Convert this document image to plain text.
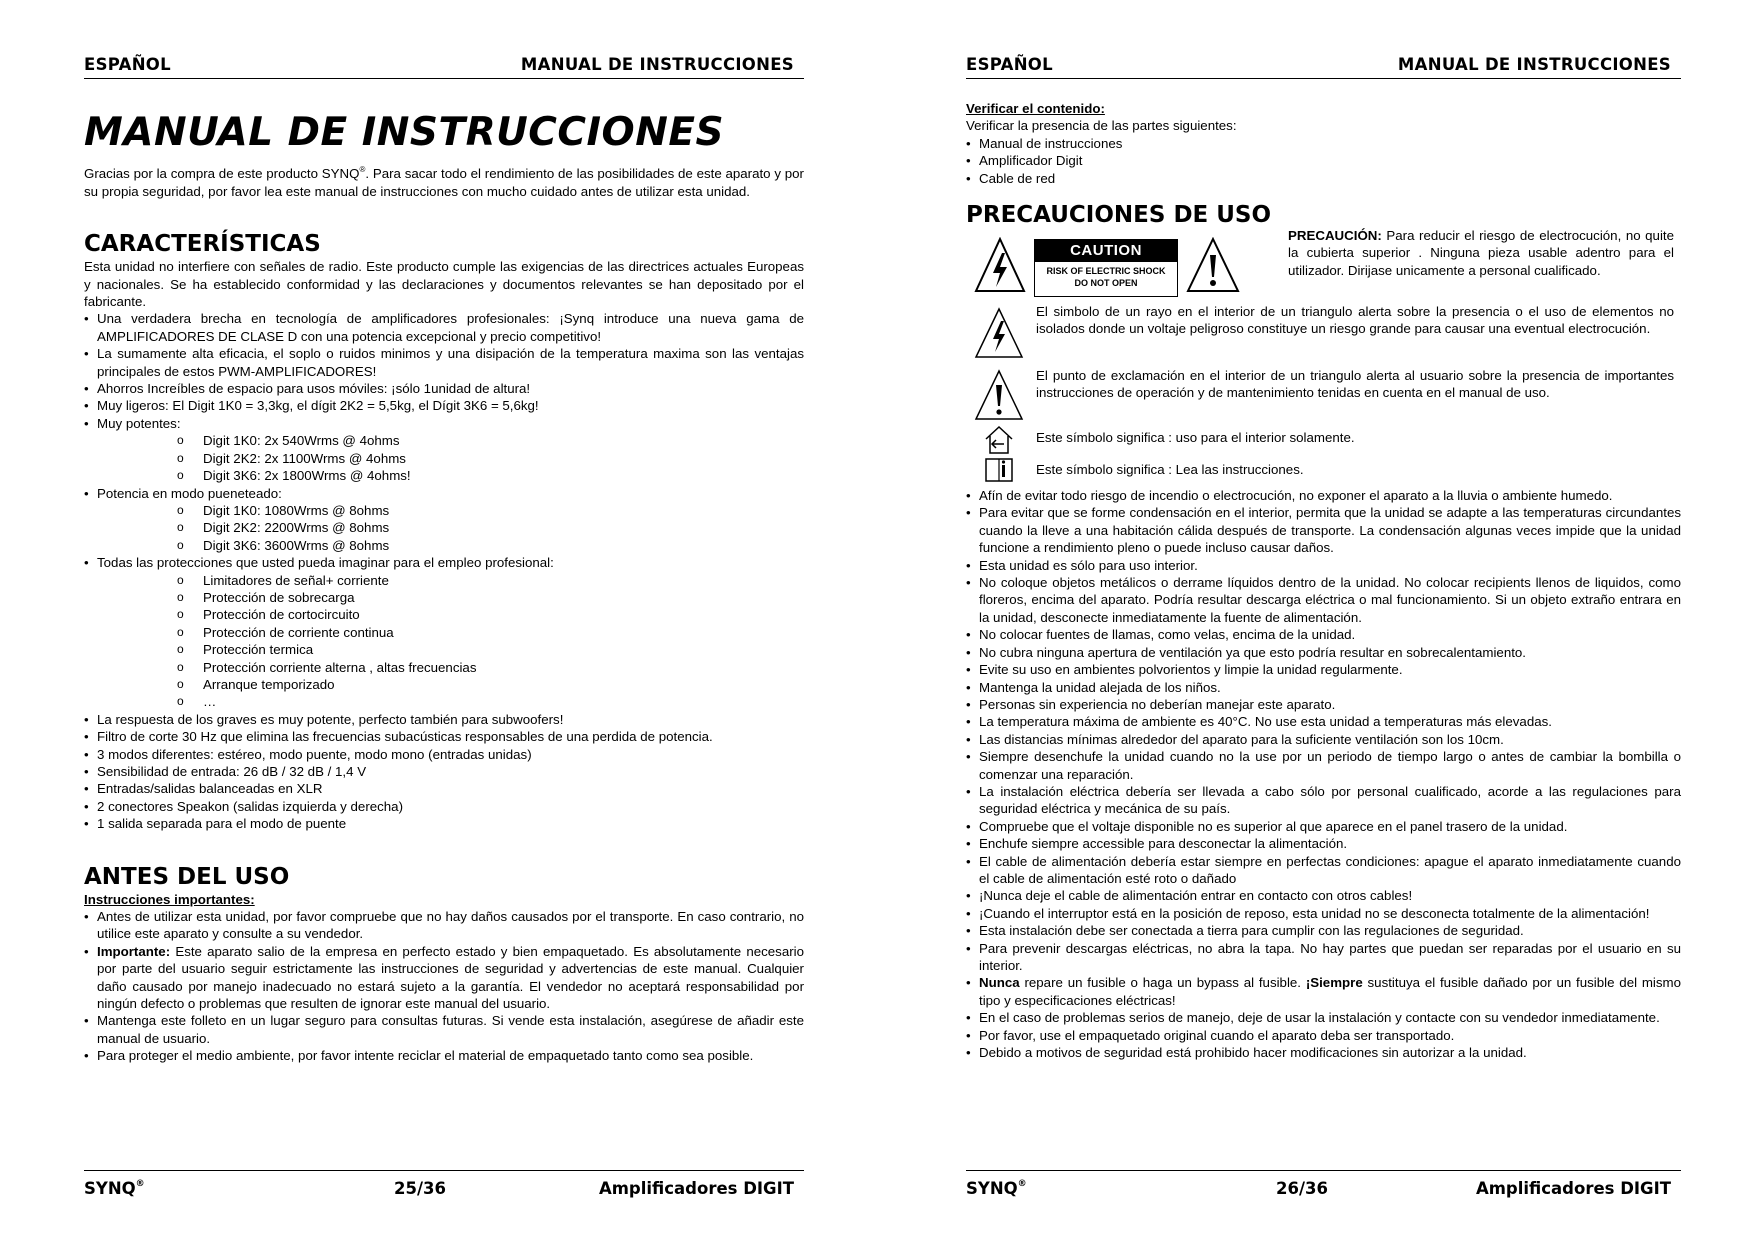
ESPAÑOL	MANUAL DE INSTRUCCIONES
MANUAL DE INSTRUCCIONES

Gracias por la compra de este producto SYNQ®. Para sacar todo el rendimiento de las posibilidades de este aparato y por su propia seguridad, por favor lea este manual de instrucciones con mucho cuidado antes de utilizar esta unidad.

CARACTERÍSTICAS

Esta unidad no interfiere con señales de radio. Este producto cumple las exigencias de las directrices actuales Europeas y nacionales. Se ha establecido conformidad y las declaraciones y documentos relevantes se han depositado por el fabricante.

• Una verdadera brecha en tecnología de amplificadores profesionales: ¡Synq introduce una nueva gama de AMPLIFICADORES DE CLASE D con una potencia excepcional y precio competitivo!
• La sumamente alta eficacia, el soplo o ruidos minimos y una disipación de la temperatura maxima son las ventajas principales de estos PWM-AMPLIFICADORES!
• Ahorros Increíbles de espacio para usos móviles: ¡sólo 1unidad de altura!
• Muy ligeros: El Digit 1K0 = 3,3kg, el dígit 2K2 = 5,5kg, el Dígit 3K6 = 5,6kg!
• Muy potentes:
o Digit 1K0: 2x 540Wrms @ 4ohms
o Digit 2K2: 2x 1100Wrms @ 4ohms
o Digit 3K6: 2x 1800Wrms @ 4ohms!
• Potencia en modo pueneteado:
o Digit 1K0: 1080Wrms @ 8ohms
o Digit 2K2: 2200Wrms @ 8ohms
o Digit 3K6: 3600Wrms @ 8ohms
• Todas las protecciones que usted pueda imaginar para el empleo profesional:
o Limitadores de señal+ corriente
o Protección de sobrecarga
o Protección de cortocircuito
o Protección de corriente continua
o Protección termica
o Protección corriente alterna , altas frecuencias
o Arranque temporizado
o …
• La respuesta de los graves es muy potente, perfecto también para subwoofers!
• Filtro de corte 30 Hz que elimina las frecuencias subacústicas responsables de una perdida de potencia.
• 3 modos diferentes: estéreo, modo puente, modo mono (entradas unidas)
• Sensibilidad de entrada: 26 dB / 32 dB / 1,4 V
• Entradas/salidas balanceadas en XLR
• 2 conectores Speakon (salidas izquierda y derecha)
• 1 salida separada para el modo de puente
ANTES DEL USO
Instrucciones importantes:
• Antes de utilizar esta unidad, por favor compruebe que no hay daños causados por el transporte. En caso contrario, no utilice este aparato y consulte a su vendedor.
• Importante: Este aparato salio de la empresa en perfecto estado y bien empaquetado. Es absolutamente necesario por parte del usuario seguir estrictamente las instrucciones de seguridad y advertencias de este manual. Cualquier daño causado por manejo inadecuado no estará sujeto a la garantía. El vendedor no aceptará responsabilidad por ningún defecto o problemas que resulten de ignorar este manual del usuario.
• Mantenga este folleto en un lugar seguro para consultas futuras. Si vende esta instalación, asegúrese de añadir este manual de usuario.
• Para proteger el medio ambiente, por favor intente reciclar el material de empaquetado tanto como sea posible.
SYNQ®	25/36	Amplificadores DIGIT
ESPAÑOL	MANUAL DE INSTRUCCIONES
Verificar el contenido:
Verificar la presencia de las partes siguientes:
• Manual de instrucciones
• Amplificador Digit
• Cable de red
PRECAUCIONES DE USO
CAUTION
RISK OF ELECTRIC SHOCK
DO NOT OPEN
PRECAUCIÓN: Para reducir el riesgo de electrocución, no quite la cubierta superior . Ninguna pieza usable adentro para el utilizador. Dirijase unicamente a personal cualificado.
El simbolo de un rayo en el interior de un triangulo alerta sobre la presencia o el uso de elementos no isolados donde un voltaje peligroso constituye un riesgo grande para causar una eventual electrocución.
El punto de exclamación en el interior de un triangulo alerta al usuario sobre la presencia de importantes instrucciones de operación y de mantenimiento tenidas en cuenta en el manual de uso.
Este símbolo significa : uso para el interior solamente.
Este símbolo significa : Lea las instrucciones.
• Afín de evitar todo riesgo de incendio o electrocución, no exponer el aparato a la lluvia o ambiente humedo.
• Para evitar que se forme condensación en el interior, permita que la unidad se adapte a las temperaturas circundantes cuando la lleve a una habitación cálida después de transporte. La condensación algunas veces impide que la unidad funcione a rendimiento pleno o puede incluso causar daños.
• Esta unidad es sólo para uso interior.
• No coloque objetos metálicos o derrame líquidos dentro de la unidad. No colocar recipients llenos de liquidos, como floreros, encima del aparato. Podría resultar descarga eléctrica o mal funcionamiento. Si un objeto extraño entrara en la unidad, desconecte inmediatamente la fuente de alimentación.
• No colocar fuentes de llamas, como velas, encima de la unidad.
• No cubra ninguna apertura de ventilación ya que esto podría resultar en sobrecalentamiento.
• Evite su uso en ambientes polvorientos y limpie la unidad regularmente.
• Mantenga la unidad alejada de los niños.
• Personas sin experiencia no deberían manejar este aparato.
• La temperatura máxima de ambiente es 40°C. No use esta unidad a temperaturas más elevadas.
• Las distancias mínimas alrededor del aparato para la suficiente ventilación son los 10cm.
• Siempre desenchufe la unidad cuando no la use por un periodo de tiempo largo o antes de cambiar la bombilla o comenzar una reparación.
• La instalación eléctrica debería ser llevada a cabo sólo por personal cualificado, acorde a las regulaciones para seguridad eléctrica y mecánica de su país.
• Compruebe que el voltaje disponible no es superior al que aparece en el panel trasero de la unidad.
• Enchufe siempre accessible para desconectar la alimentación.
• El cable de alimentación debería estar siempre en perfectas condiciones: apague el aparato inmediatamente cuando el cable de alimentación esté roto o dañado
• ¡Nunca deje el cable de alimentación entrar en contacto con otros cables!
• ¡Cuando el interruptor está en la posición de reposo, esta unidad no se desconecta totalmente de la alimentación!
• Esta instalación debe ser conectada a tierra para cumplir con las regulaciones de seguridad.
• Para prevenir descargas eléctricas, no abra la tapa. No hay partes que puedan ser reparadas por el usuario en su interior.
• Nunca repare un fusible o haga un bypass al fusible. ¡Siempre sustituya el fusible dañado por un fusible del mismo tipo y especificaciones eléctricas!
• En el caso de problemas serios de manejo, deje de usar la instalación y contacte con su vendedor inmediatamente.
• Por favor, use el empaquetado original cuando el aparato deba ser transportado.
• Debido a motivos de seguridad está prohibido hacer modificaciones sin autorizar a la unidad.
SYNQ®	26/36	Amplificadores DIGIT
